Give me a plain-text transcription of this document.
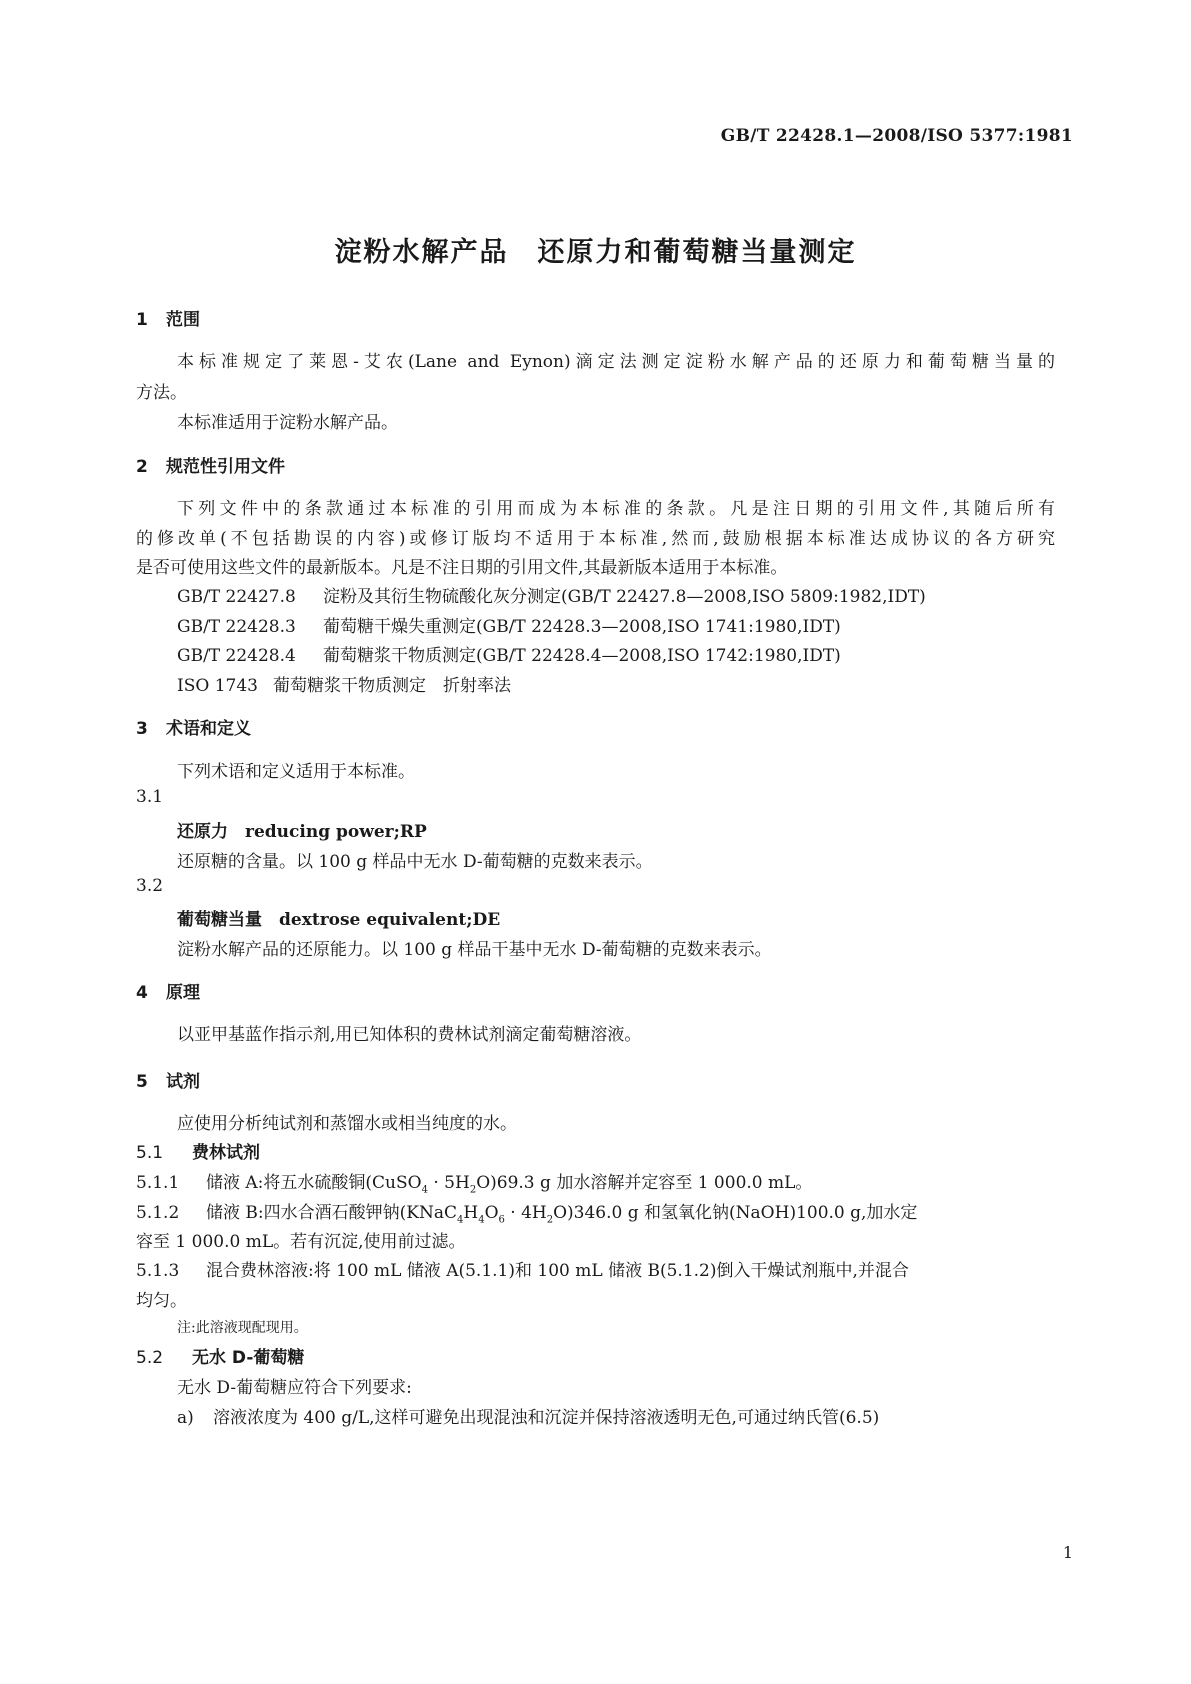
GB/T 22428.1—2008/ISO 5377:1981
淀粉水解产品　还原力和葡萄糖当量测定
1 范围
本标准规定了莱恩-艾农(Lane and Eynon)滴定法测定淀粉水解产品的还原力和葡萄糖当量的
方法。
本标准适用于淀粉水解产品。
2 规范性引用文件
下列文件中的条款通过本标准的引用而成为本标准的条款。凡是注日期的引用文件,其随后所有
的修改单(不包括勘误的内容)或修订版均不适用于本标准,然而,鼓励根据本标准达成协议的各方研究
是否可使用这些文件的最新版本。凡是不注日期的引用文件,其最新版本适用于本标准。
GB/T 22427.8 淀粉及其衍生物硫酸化灰分测定(GB/T 22427.8—2008,ISO 5809:1982,IDT)
GB/T 22428.3 葡萄糖干燥失重测定(GB/T 22428.3—2008,ISO 1741:1980,IDT)
GB/T 22428.4 葡萄糖浆干物质测定(GB/T 22428.4—2008,ISO 1742:1980,IDT)
ISO 1743 葡萄糖浆干物质测定　折射率法
3 术语和定义
下列术语和定义适用于本标准。
3.1
还原力　reducing power;RP
还原糖的含量。以 100 g 样品中无水 D-葡萄糖的克数来表示。
3.2
葡萄糖当量　dextrose equivalent;DE
淀粉水解产品的还原能力。以 100 g 样品干基中无水 D-葡萄糖的克数来表示。
4 原理
以亚甲基蓝作指示剂,用已知体积的费林试剂滴定葡萄糖溶液。
5 试剂
应使用分析纯试剂和蒸馏水或相当纯度的水。
5.1 费林试剂
5.1.1 储液 A:将五水硫酸铜(CuSO$_4$ · $5H_2O)69.3$ g 加水溶解并定容至 1 000.0 mL。
5.1.2 储液 B:四水合酒石酸钾钠$(KNaC_4H_4O_6 \cdot 4H_2O)346.0$ g 和氢氧化钠(NaOH)100.0 g,加水定
容至 1 000.0 mL。若有沉淀,使用前过滤。
5.1.3 混合费林溶液:将 100 mL 储液 A(5.1.1)和 100 mL 储液 B(5.1.2)倒入干燥试剂瓶中,并混合
均匀。
注:此溶液现配现用。
5.2 无水 D-葡萄糖
无水 D-葡萄糖应符合下列要求:
a) 溶液浓度为 400 g/L,这样可避免出现混浊和沉淀并保持溶液透明无色,可通过纳氏管(6.5)
1
